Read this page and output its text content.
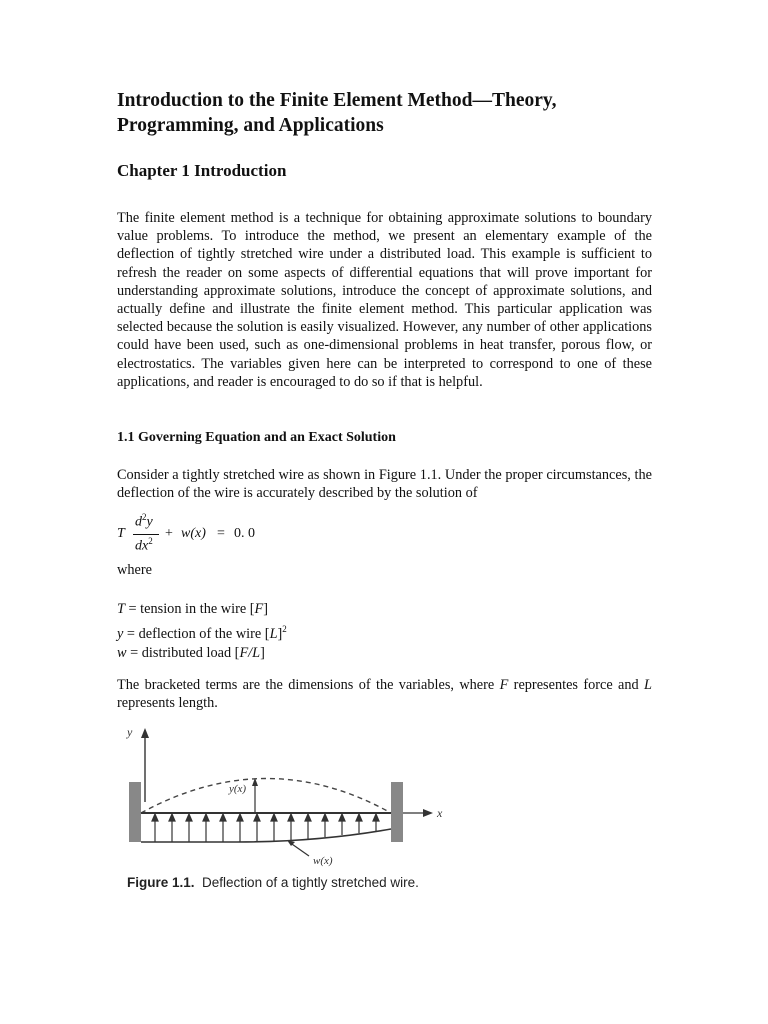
Introduction to the Finite Element Method—Theory, Programming, and Applications
Chapter 1 Introduction

The finite element method is a technique for obtaining approximate solutions to boundary value problems. To introduce the method, we present an elementary example of the deflection of tightly stretched wire under a distributed load. This example is sufficient to refresh the reader on some aspects of differential equations that will prove important for understanding approximate solutions, introduce the concept of approximate solutions, and actually define and illustrate the finite element method. This particular application was selected because the solution is easily visualized. However, any number of other applications could have been used, such as one-dimensional problems in heat transfer, porous flow, or electrostatics. The variables given here can be interpreted to correspond to one of these applications, and reader is encouraged to do so if that is helpful.

1.1 Governing Equation and an Exact Solution

Consider a tightly stretched wire as shown in Figure 1.1. Under the proper circumstances, the deflection of the wire is accurately described by the solution of

T
$d^2y$
$dx^2 + w(x) = 0$. 0
where
T = tension in the wire [F]
y = deflection of the wire $[L]^2$
w = distributed load [F/L]

The bracketed terms are the dimensions of the variables, where F representes force and L represents length.

y
x
y(x)
w(x)
Figure 1.1. Deflection of a tightly stretched wire.
